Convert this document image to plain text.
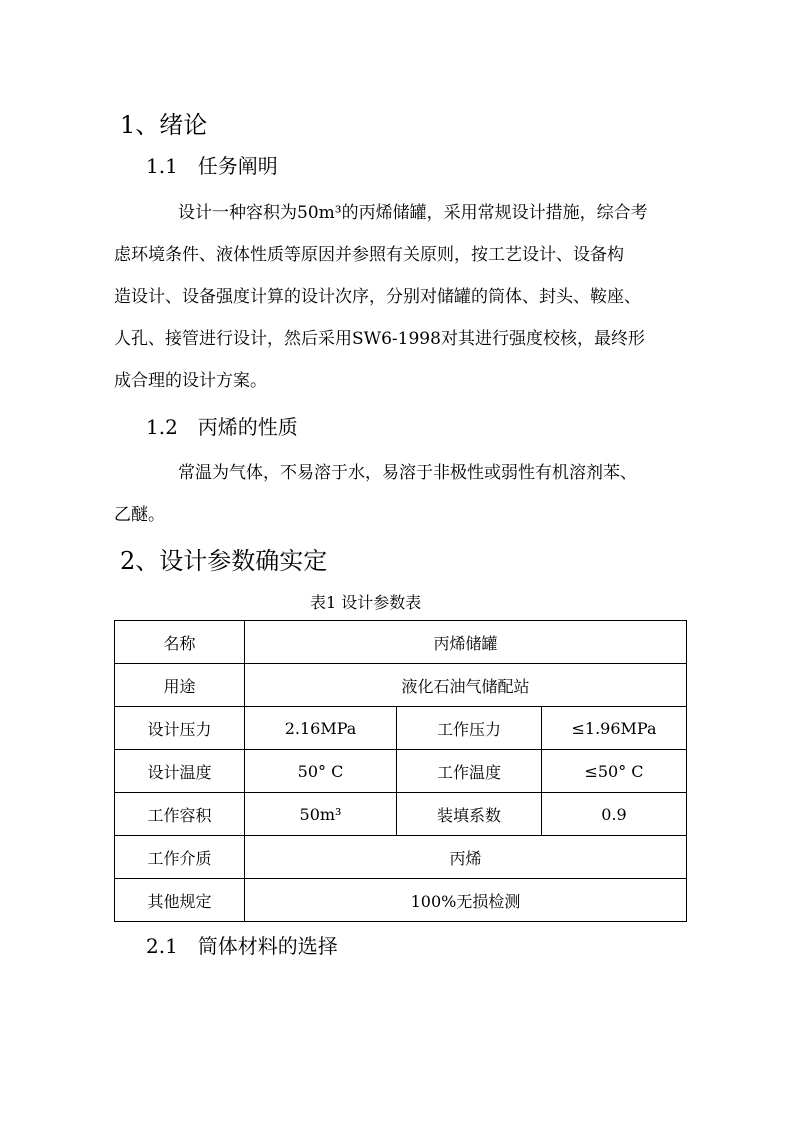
1、绪论
1.1　任务阐明
设计一种容积为50m³的丙烯储罐，采用常规设计措施，综合考
虑环境条件、液体性质等原因并参照有关原则，按工艺设计、设备构
造设计、设备强度计算的设计次序，分别对储罐的筒体、封头、鞍座、
人孔、接管进行设计，然后采用SW6-1998对其进行强度校核，最终形
成合理的设计方案。
1.2　丙烯的性质
常温为气体，不易溶于水，易溶于非极性或弱性有机溶剂苯、
乙醚。
2、设计参数确实定
表1 设计参数表
名称	丙烯储罐		
用途	液化石油气储配站		
设计压力	2.16MPa	工作压力	≤1.96MPa
设计温度	50° C	工作温度	≤50° C
工作容积	50m³	装填系数	0.9
工作介质	丙烯		
其他规定	100%无损检测		
2.1　筒体材料的选择
